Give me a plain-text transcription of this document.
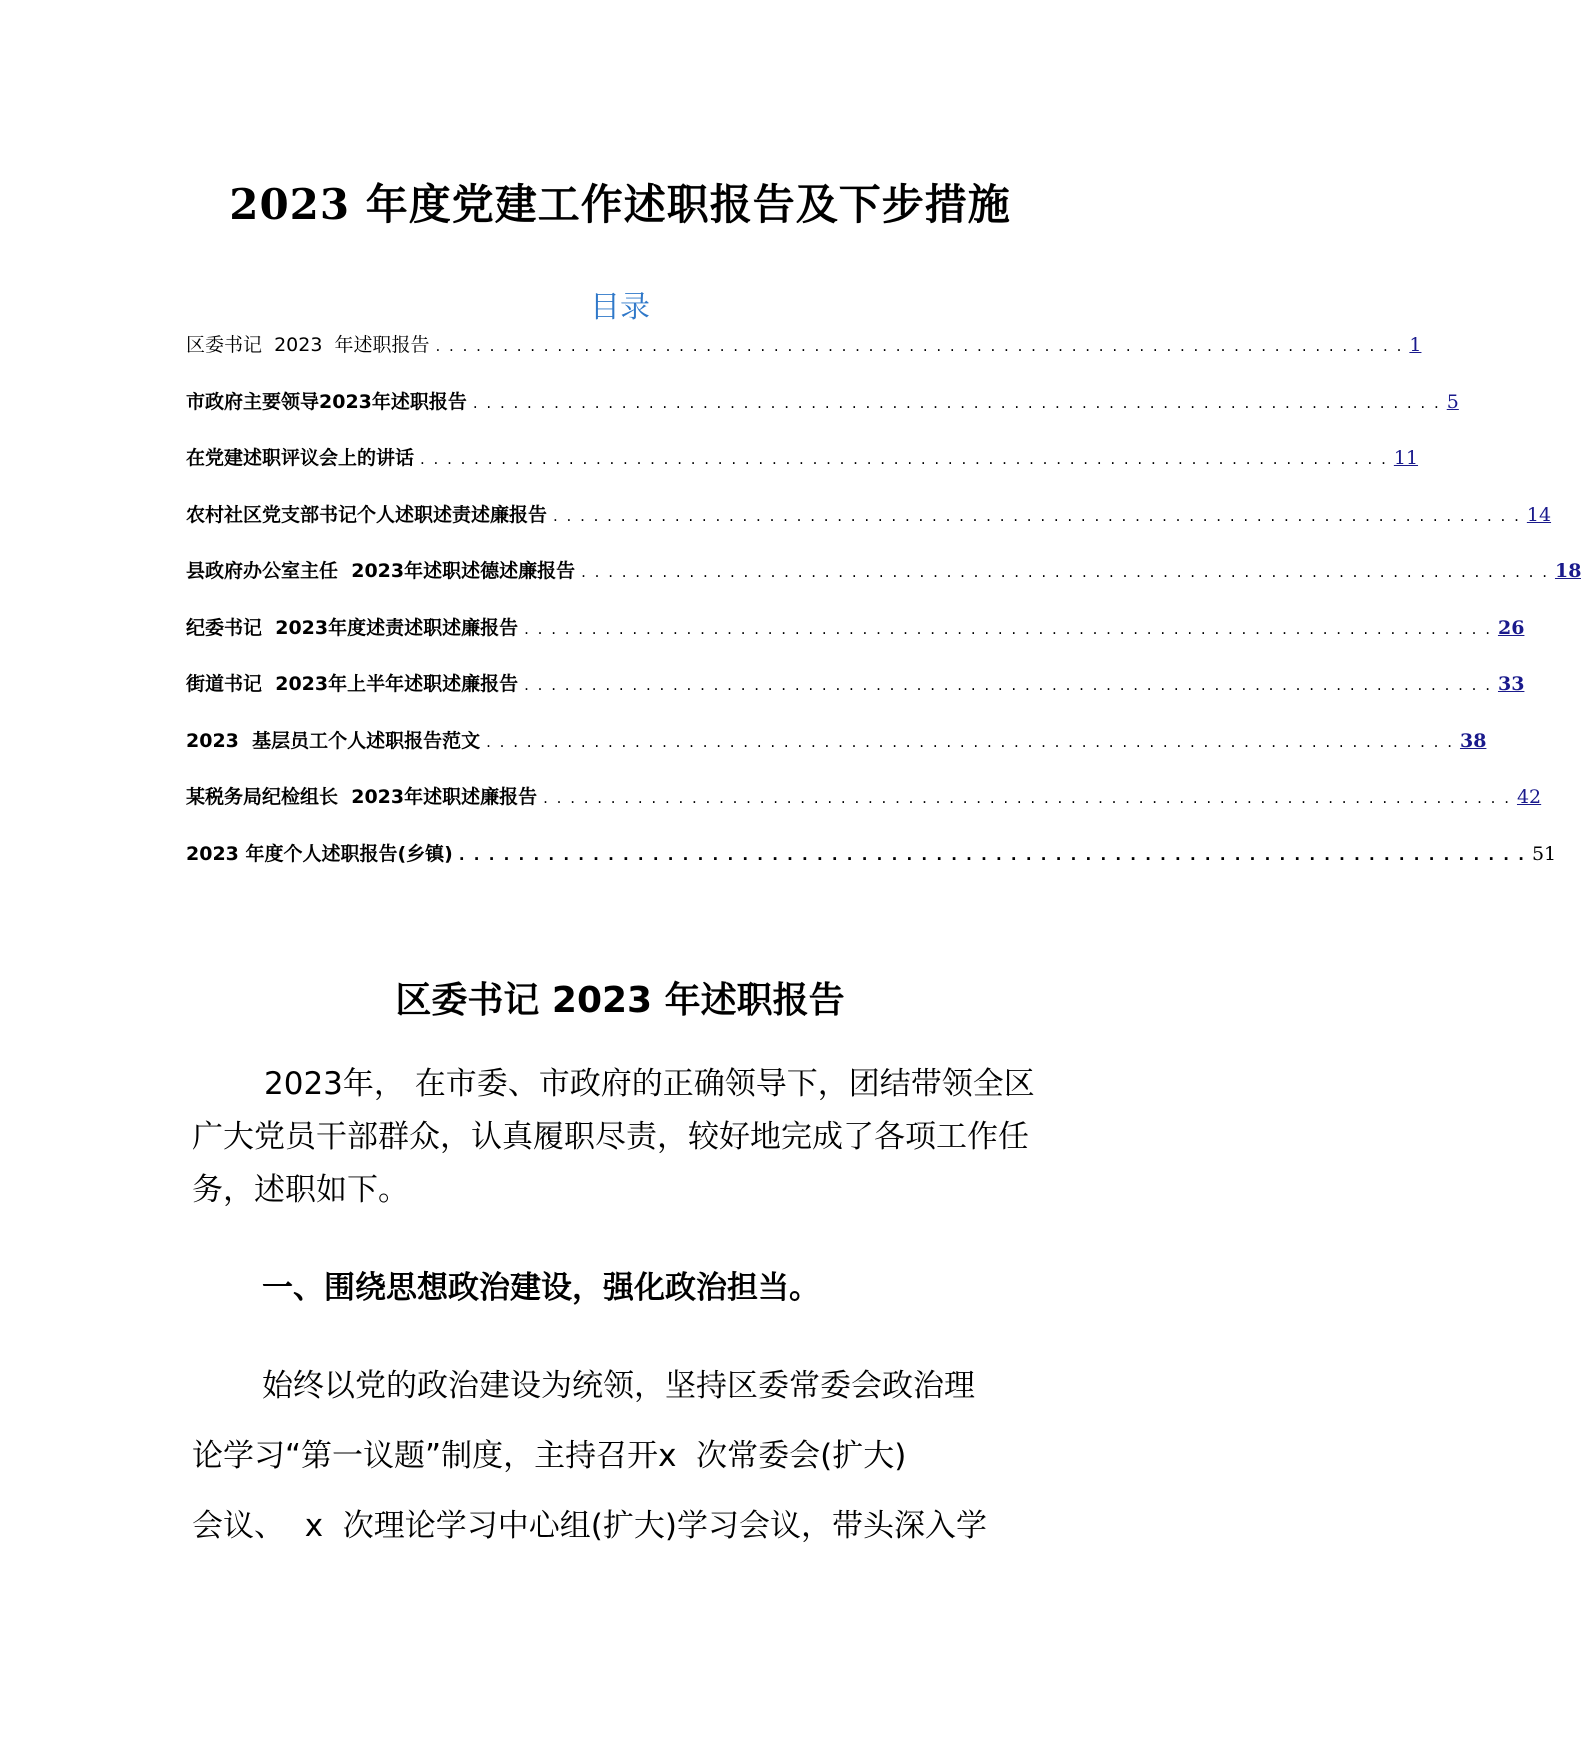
2023 年度党建工作述职报告及下步措施
目录
区委书记  2023  年述职报告 . . . . . . . . . . . . . . . . . . . . . . . . . . . . . . . . . . . . . . . . . . . . . . . . . . . . . . . . . . . . . . . . . . . . . . . . 1
市政府主要领导2023年述职报告 . . . . . . . . . . . . . . . . . . . . . . . . . . . . . . . . . . . . . . . . . . . . . . . . . . . . . . . . . . . . . . . . . . . . . . . . 5
在党建述职评议会上的讲话 . . . . . . . . . . . . . . . . . . . . . . . . . . . . . . . . . . . . . . . . . . . . . . . . . . . . . . . . . . . . . . . . . . . . . . . . 11
农村社区党支部书记个人述职述责述廉报告 . . . . . . . . . . . . . . . . . . . . . . . . . . . . . . . . . . . . . . . . . . . . . . . . . . . . . . . . . . . . . . . . . . . . . . . . 14
县政府办公室主任  2023年述职述德述廉报告 . . . . . . . . . . . . . . . . . . . . . . . . . . . . . . . . . . . . . . . . . . . . . . . . . . . . . . . . . . . . . . . . . . . . . . . . 18
纪委书记  2023年度述责述职述廉报告 . . . . . . . . . . . . . . . . . . . . . . . . . . . . . . . . . . . . . . . . . . . . . . . . . . . . . . . . . . . . . . . . . . . . . . . . 26
街道书记  2023年上半年述职述廉报告 . . . . . . . . . . . . . . . . . . . . . . . . . . . . . . . . . . . . . . . . . . . . . . . . . . . . . . . . . . . . . . . . . . . . . . . . 33
2023  基层员工个人述职报告范文 . . . . . . . . . . . . . . . . . . . . . . . . . . . . . . . . . . . . . . . . . . . . . . . . . . . . . . . . . . . . . . . . . . . . . . . . 38
某税务局纪检组长  2023年述职述廉报告 . . . . . . . . . . . . . . . . . . . . . . . . . . . . . . . . . . . . . . . . . . . . . . . . . . . . . . . . . . . . . . . . . . . . . . . . 42
2023 年度个人述职报告(乡镇) . . . . . . . . . . . . . . . . . . . . . . . . . . . . . . . . . . . . . . . . . . . . . . . . . . . . . . . . . . . . . . . . . . . . . . . . 51
区委书记 2023 年述职报告
2023年， 在市委、市政府的正确领导下，团结带领全区广大党员干部群众，认真履职尽责，较好地完成了各项工作任务，述职如下。
一、围绕思想政治建设，强化政治担当。
始终以党的政治建设为统领，坚持区委常委会政治理
论学习“第一议题”制度，主持召开x  次常委会(扩大)
会议、  x  次理论学习中心组(扩大)学习会议，带头深入学
